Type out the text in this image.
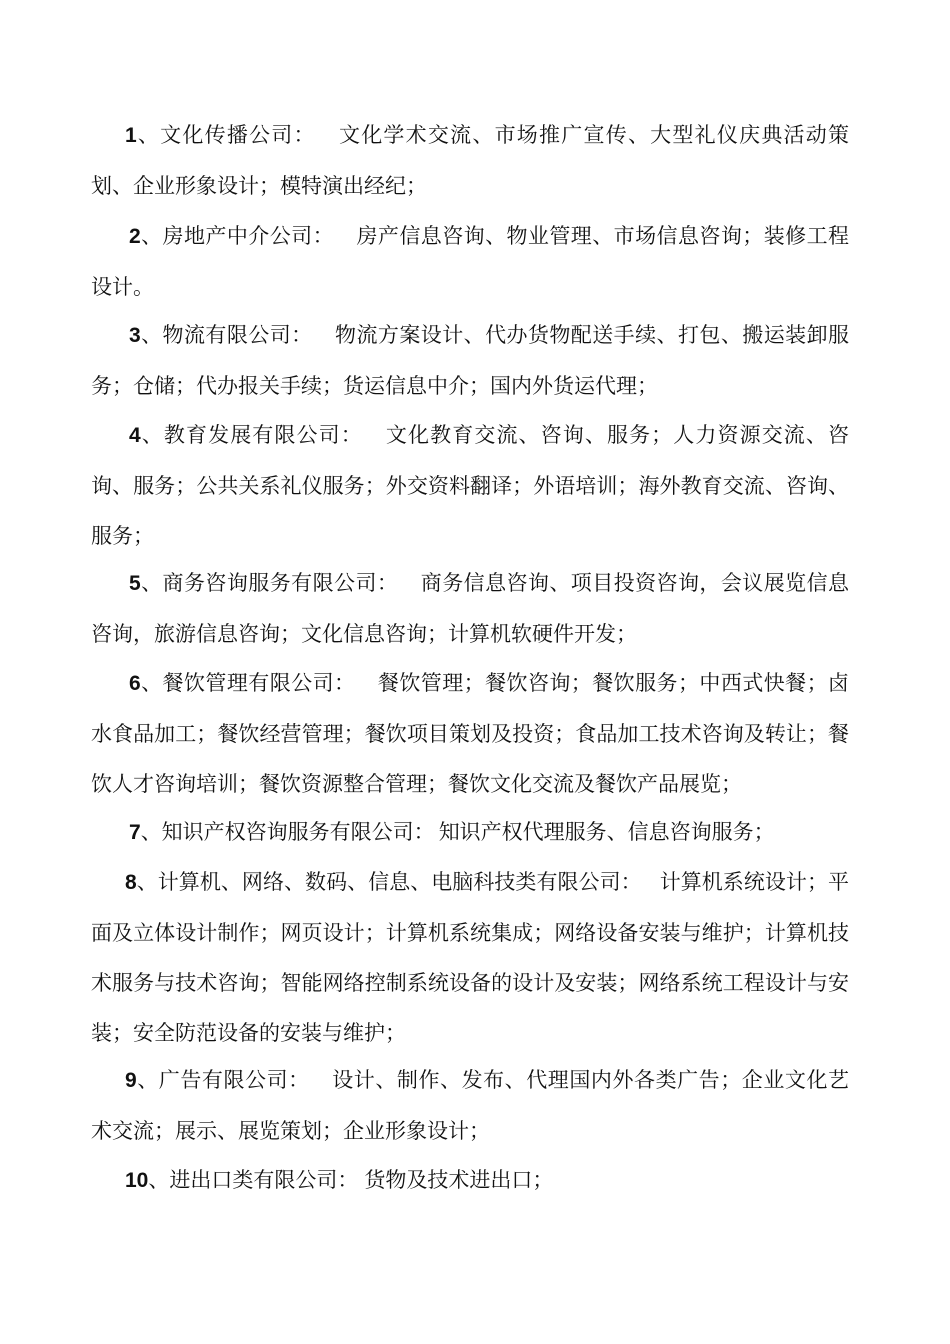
1、文化传播公司： 文化学术交流、市场推广宣传、大型礼仪庆典活动策划、企业形象设计；模特演出经纪；

2、房地产中介公司： 房产信息咨询、物业管理、市场信息咨询；装修工程设计。

3、物流有限公司： 物流方案设计、代办货物配送手续、打包、搬运装卸服务；仓储；代办报关手续；货运信息中介；国内外货运代理；

4、教育发展有限公司： 文化教育交流、咨询、服务；人力资源交流、咨询、服务；公共关系礼仪服务；外交资料翻译；外语培训；海外教育交流、咨询、服务；

5、商务咨询服务有限公司： 商务信息咨询、项目投资咨询，会议展览信息咨询，旅游信息咨询；文化信息咨询；计算机软硬件开发；

6、餐饮管理有限公司： 餐饮管理；餐饮咨询；餐饮服务；中西式快餐；卤水食品加工；餐饮经营管理；餐饮项目策划及投资；食品加工技术咨询及转让；餐饮人才咨询培训；餐饮资源整合管理；餐饮文化交流及餐饮产品展览；

7、知识产权咨询服务有限公司： 知识产权代理服务、信息咨询服务；

8、计算机、网络、数码、信息、电脑科技类有限公司： 计算机系统设计；平面及立体设计制作；网页设计；计算机系统集成；网络设备安装与维护；计算机技术服务与技术咨询；智能网络控制系统设备的设计及安装；网络系统工程设计与安装；安全防范设备的安装与维护；

9、广告有限公司： 设计、制作、发布、代理国内外各类广告；企业文化艺术交流；展示、展览策划；企业形象设计；

10、进出口类有限公司： 货物及技术进出口；
